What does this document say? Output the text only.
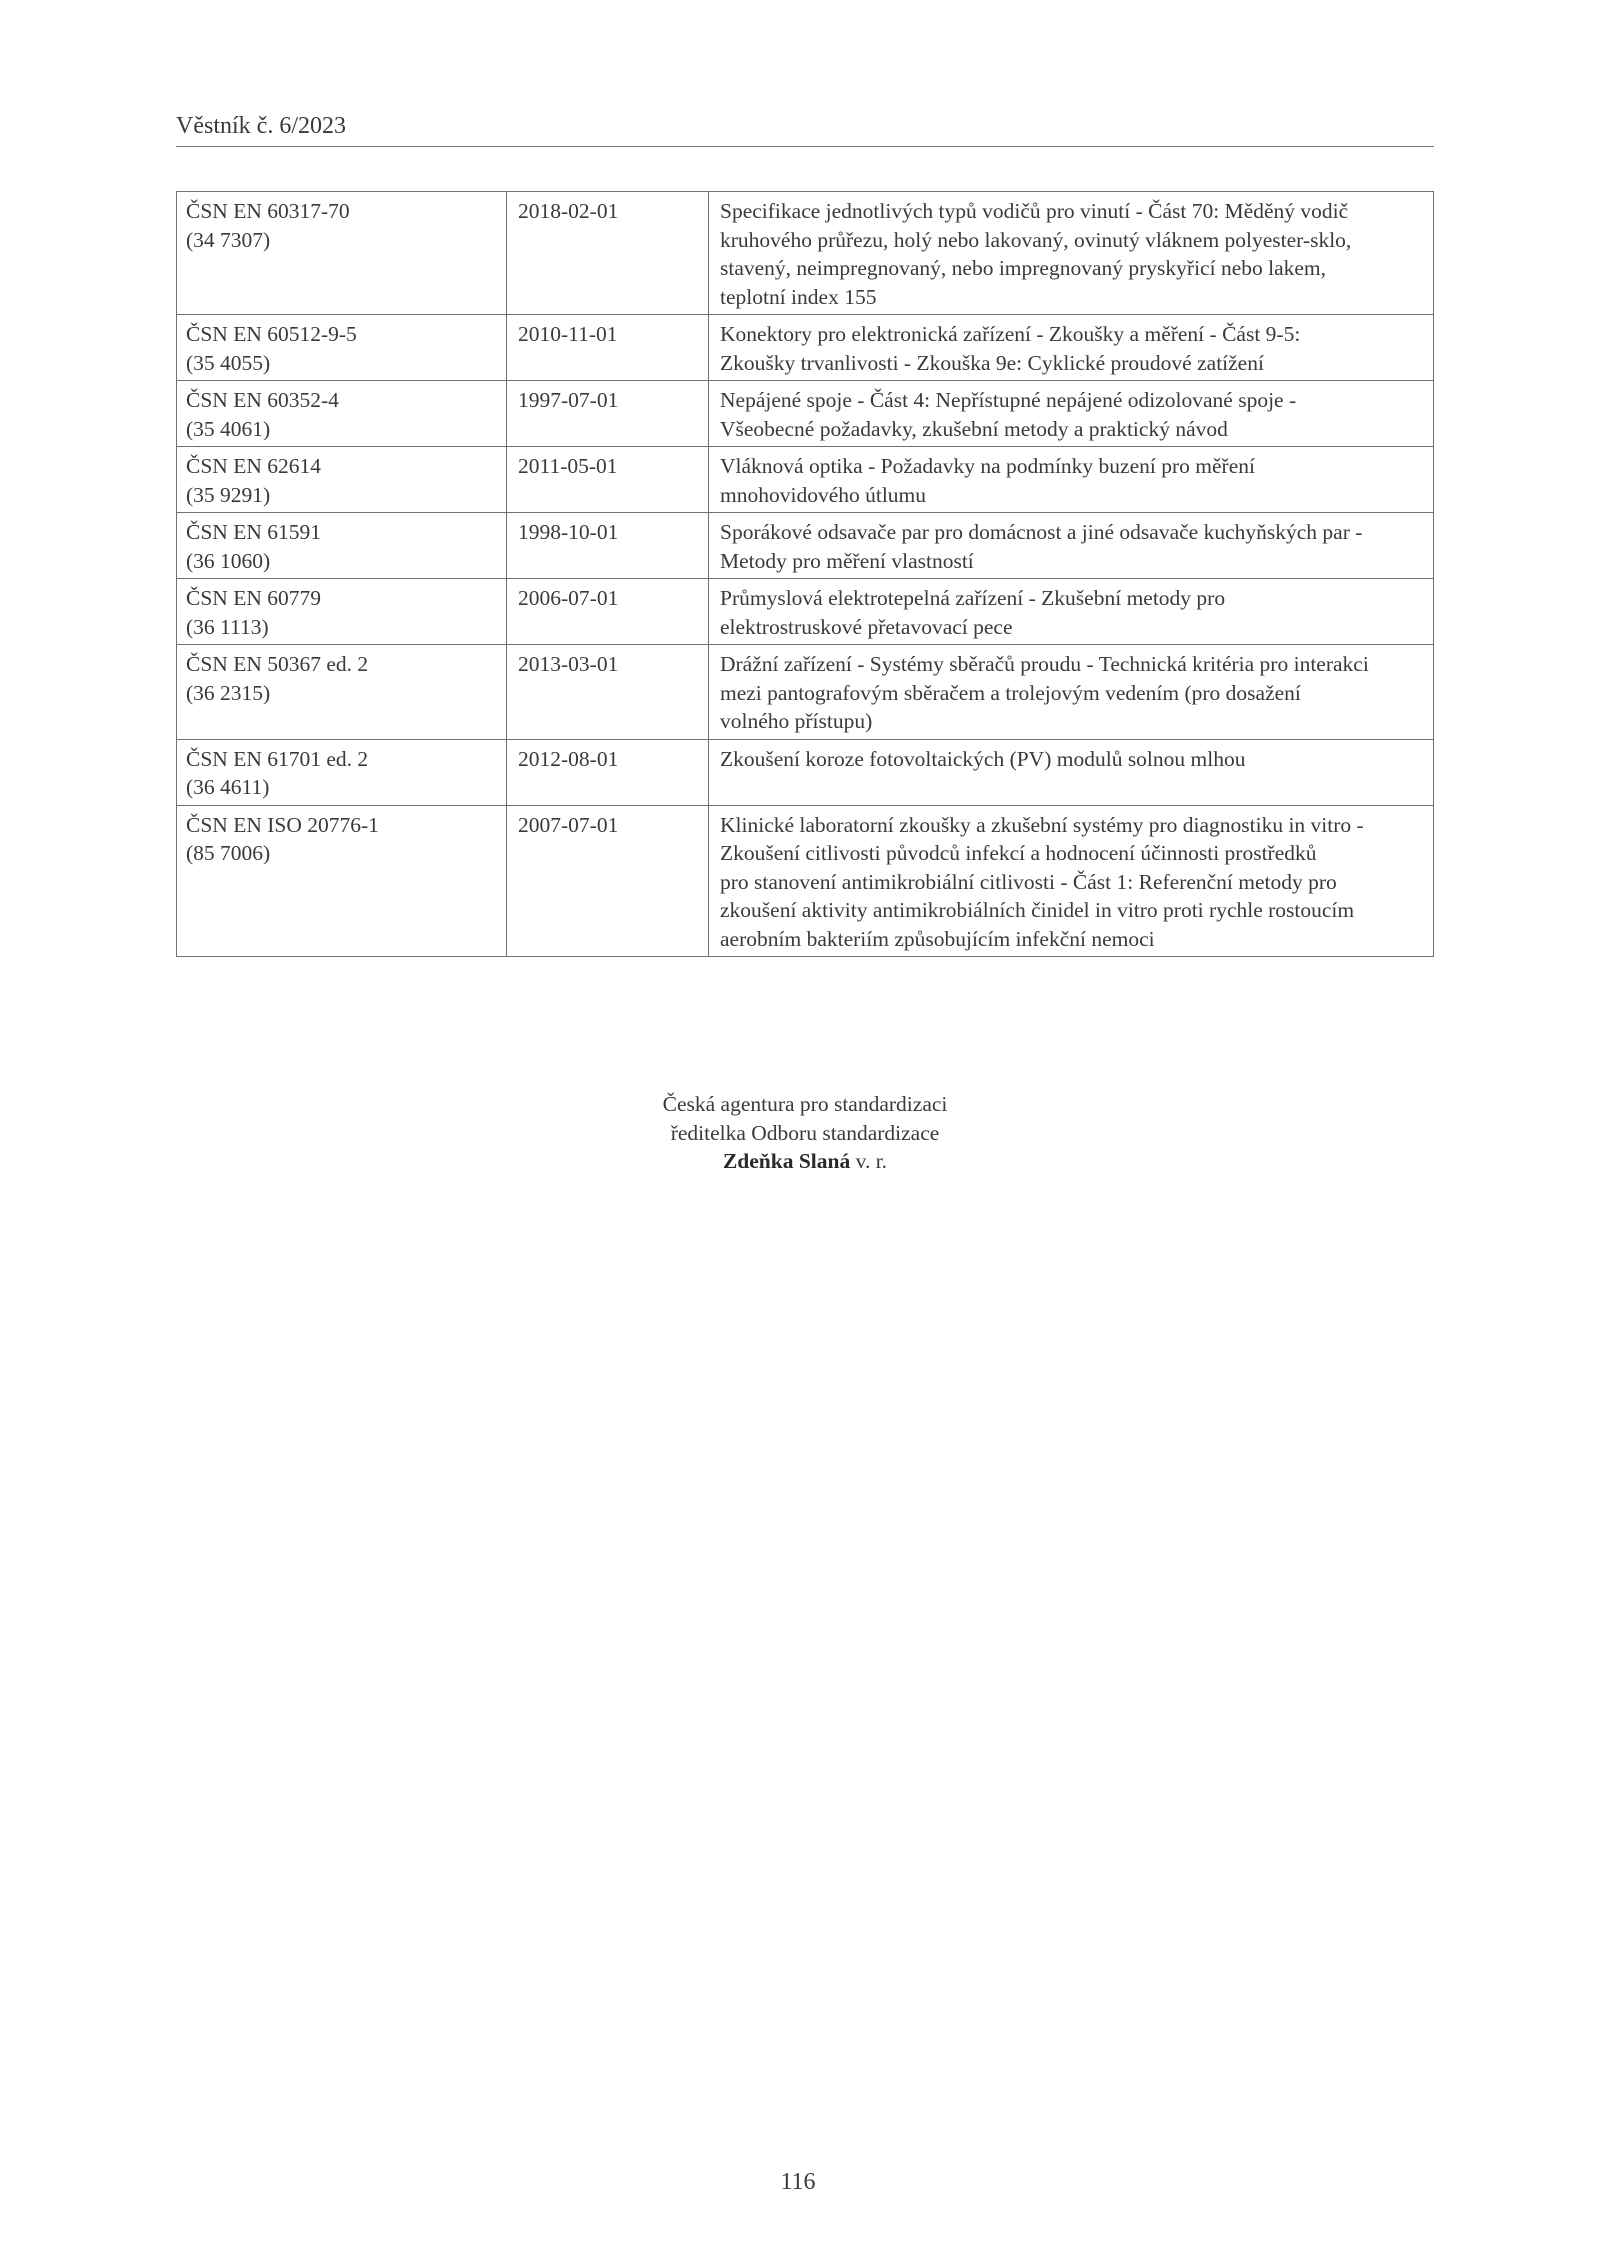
Věstník č. 6/2023
ČSN EN 60317-70
(34 7307)	2018-02-01	Specifikace jednotlivých typů vodičů pro vinutí - Část 70: Měděný vodič
kruhového průřezu, holý nebo lakovaný, ovinutý vláknem polyester-sklo,
stavený, neimpregnovaný, nebo impregnovaný pryskyřicí nebo lakem,
teplotní index 155

ČSN EN 60512-9-5
(35 4055)	2010-11-01	Konektory pro elektronická zařízení - Zkoušky a měření - Část 9-5:
Zkoušky trvanlivosti - Zkouška 9e: Cyklické proudové zatížení

ČSN EN 60352-4
(35 4061)	1997-07-01	Nepájené spoje - Část 4: Nepřístupné nepájené odizolované spoje -
Všeobecné požadavky, zkušební metody a praktický návod

ČSN EN 62614
(35 9291)	2011-05-01	Vláknová optika - Požadavky na podmínky buzení pro měření
mnohovidového útlumu

ČSN EN 61591
(36 1060)	1998-10-01	Sporákové odsavače par pro domácnost a jiné odsavače kuchyňských par -
Metody pro měření vlastností

ČSN EN 60779
(36 1113)	2006-07-01	Průmyslová elektrotepelná zařízení - Zkušební metody pro
elektrostruskové přetavovací pece

ČSN EN 50367 ed. 2
(36 2315)	2013-03-01	Drážní zařízení - Systémy sběračů proudu - Technická kritéria pro interakci
mezi pantografovým sběračem a trolejovým vedením (pro dosažení
volného přístupu)

ČSN EN 61701 ed. 2
(36 4611)	2012-08-01	Zkoušení koroze fotovoltaických (PV) modulů solnou mlhou

ČSN EN ISO 20776-1
(85 7006)	2007-07-01	Klinické laboratorní zkoušky a zkušební systémy pro diagnostiku in vitro -
Zkoušení citlivosti původců infekcí a hodnocení účinnosti prostředků
pro stanovení antimikrobiální citlivosti - Část 1: Referenční metody pro
zkoušení aktivity antimikrobiálních činidel in vitro proti rychle rostoucím
aerobním bakteriím způsobujícím infekční nemoci
Česká agentura pro standardizaci
ředitelka Odboru standardizace
Zdeňka Slaná v. r.
116
